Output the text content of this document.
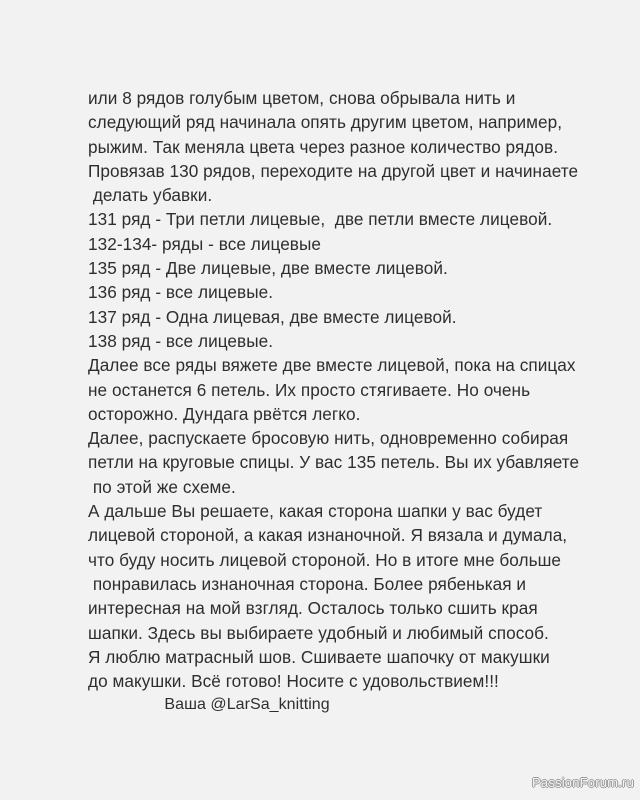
или 8 рядов голубым цветом, снова обрывала нить и
следующий ряд начинала опять другим цветом, например,
рыжим. Так меняла цвета через разное количество рядов.
Провязав 130 рядов, переходите на другой цвет и начинаете
делать убавки.
131 ряд - Три петли лицевые,  две петли вместе лицевой.
132-134- ряды - все лицевые
135 ряд - Две лицевые, две вместе лицевой.
136 ряд - все лицевые.
137 ряд - Одна лицевая, две вместе лицевой.
138 ряд - все лицевые.
Далее все ряды вяжете две вместе лицевой, пока на спицах
не останется 6 петель. Их просто стягиваете. Но очень
осторожно. Дундага рвётся легко.
Далее, распускаете бросовую нить, одновременно собирая
петли на круговые спицы. У вас 135 петель. Вы их убавляете
по этой же схеме.
А дальше Вы решаете, какая сторона шапки у вас будет
лицевой стороной, а какая изнаночной. Я вязала и думала,
что буду носить лицевой стороной. Но в итоге мне больше
понравилась изнаночная сторона. Более рябенькая и
интересная на мой взгляд. Осталось только сшить края
шапки. Здесь вы выбираете удобный и любимый способ.
Я люблю матрасный шов. Сшиваете шапочку от макушки
до макушки. Всё готово! Носите с удовольствием!!!
Ваша @LarSa_knitting
PassionForum.ru
